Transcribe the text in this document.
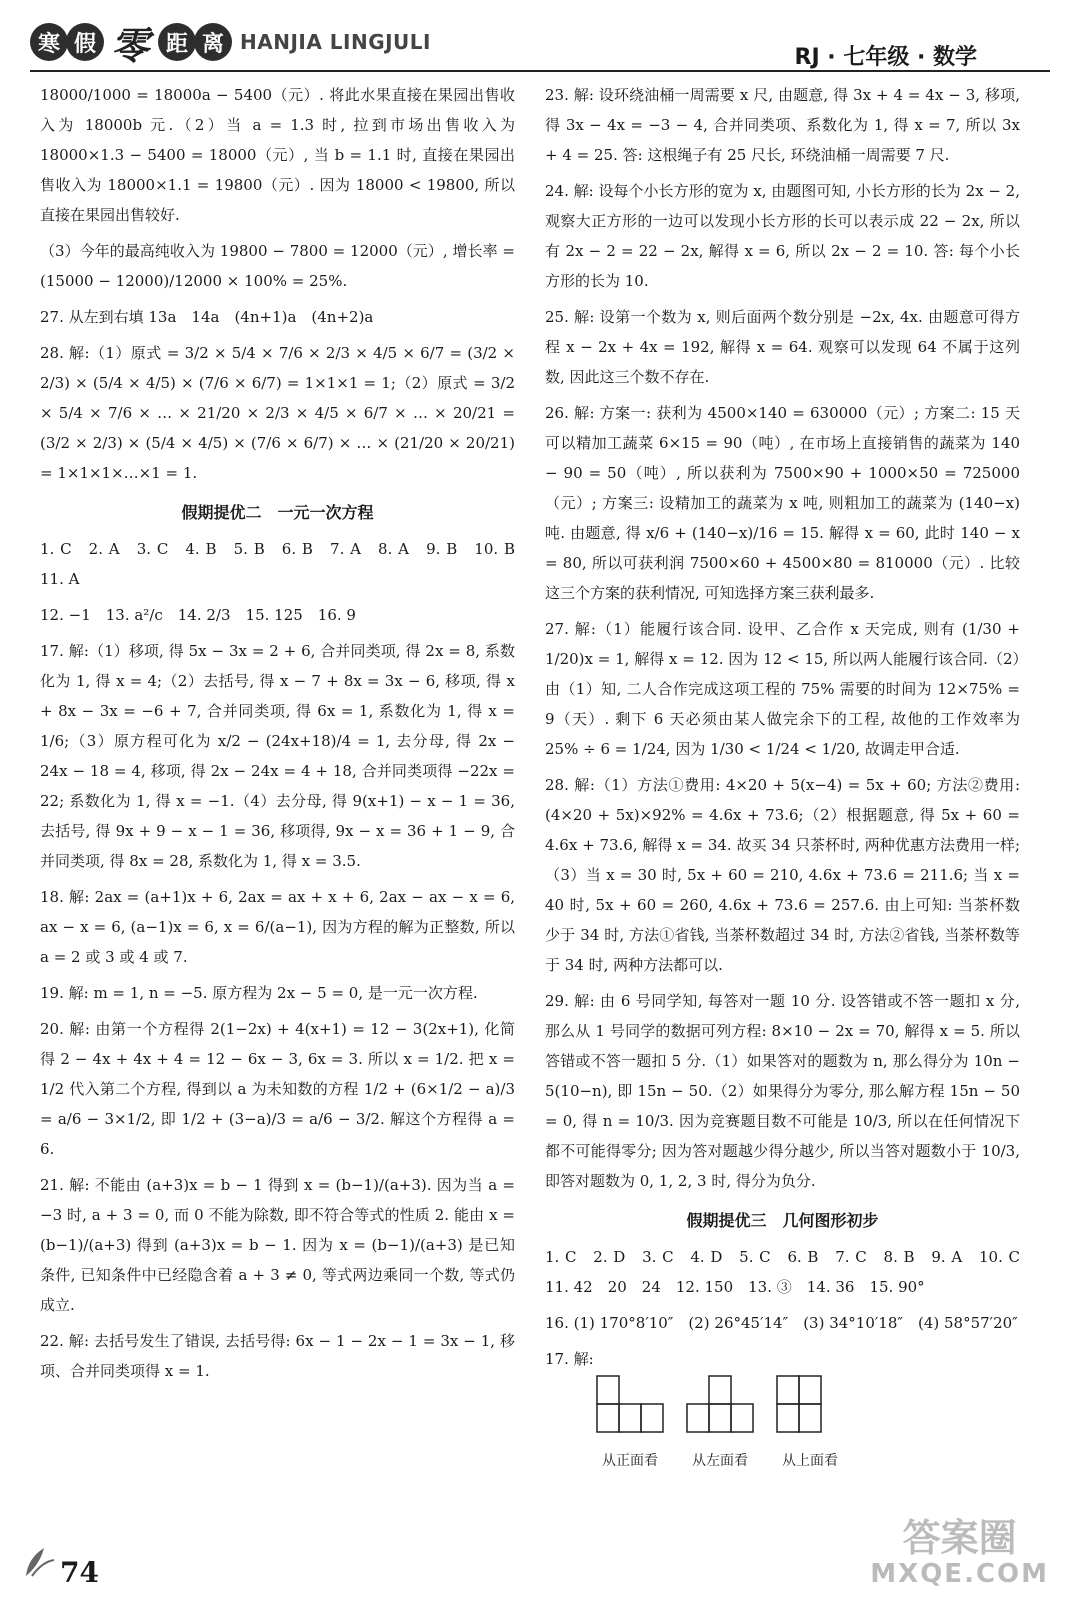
寒 假 零 距 离 HANJIA LINGJULI
RJ · 七年级 · 数学

18000/1000 = 18000a − 5400（元）. 将此水果直接在果园出售收入为 18000b 元.（2）当 a = 1.3 时, 拉到市场出售收入为 18000×1.3 − 5400 = 18000（元）, 当 b = 1.1 时, 直接在果园出售收入为 18000×1.1 = 19800（元）. 因为 18000 < 19800, 所以直接在果园出售较好.

（3）今年的最高纯收入为 19800 − 7800 = 12000（元）, 增长率 = (15000 − 12000)/12000 × 100% = 25%.

27. 从左到右填 13a　14a　(4n+1)a　(4n+2)a

28. 解:（1）原式 = 3/2 × 5/4 × 7/6 × 2/3 × 4/5 × 6/7 = (3/2 × 2/3) × (5/4 × 4/5) × (7/6 × 6/7) = 1×1×1 = 1;（2）原式 = 3/2 × 5/4 × 7/6 × … × 21/20 × 2/3 × 4/5 × 6/7 × … × 20/21 = (3/2 × 2/3) × (5/4 × 4/5) × (7/6 × 6/7) × … × (21/20 × 20/21) = 1×1×1×…×1 = 1.

假期提优二　一元一次方程

1. C　2. A　3. C　4. B　5. B　6. B　7. A　8. A　9. B　10. B　11. A

12. −1　13. a²/c　14. 2/3　15. 125　16. 9

17. 解:（1）移项, 得 5x − 3x = 2 + 6, 合并同类项, 得 2x = 8, 系数化为 1, 得 x = 4;（2）去括号, 得 x − 7 + 8x = 3x − 6, 移项, 得 x + 8x − 3x = −6 + 7, 合并同类项, 得 6x = 1, 系数化为 1, 得 x = 1/6;（3）原方程可化为 x/2 − (24x+18)/4 = 1, 去分母, 得 2x − 24x − 18 = 4, 移项, 得 2x − 24x = 4 + 18, 合并同类项得 −22x = 22; 系数化为 1, 得 x = −1.（4）去分母, 得 9(x+1) − x − 1 = 36, 去括号, 得 9x + 9 − x − 1 = 36, 移项得, 9x − x = 36 + 1 − 9, 合并同类项, 得 8x = 28, 系数化为 1, 得 x = 3.5.

18. 解: 2ax = (a+1)x + 6, 2ax = ax + x + 6, 2ax − ax − x = 6, ax − x = 6, (a−1)x = 6, x = 6/(a−1), 因为方程的解为正整数, 所以 a = 2 或 3 或 4 或 7.

19. 解: m = 1, n = −5. 原方程为 2x − 5 = 0, 是一元一次方程.

20. 解: 由第一个方程得 2(1−2x) + 4(x+1) = 12 − 3(2x+1), 化简得 2 − 4x + 4x + 4 = 12 − 6x − 3, 6x = 3. 所以 x = 1/2. 把 x = 1/2 代入第二个方程, 得到以 a 为未知数的方程 1/2 + (6×1/2 − a)/3 = a/6 − 3×1/2, 即 1/2 + (3−a)/3 = a/6 − 3/2. 解这个方程得 a = 6.

21. 解: 不能由 (a+3)x = b − 1 得到 x = (b−1)/(a+3). 因为当 a = −3 时, a + 3 = 0, 而 0 不能为除数, 即不符合等式的性质 2. 能由 x = (b−1)/(a+3) 得到 (a+3)x = b − 1. 因为 x = (b−1)/(a+3) 是已知条件, 已知条件中已经隐含着 a + 3 ≠ 0, 等式两边乘同一个数, 等式仍成立.

22. 解: 去括号发生了错误, 去括号得: 6x − 1 − 2x − 1 = 3x − 1, 移项、合并同类项得 x = 1.

23. 解: 设环绕油桶一周需要 x 尺, 由题意, 得 3x + 4 = 4x − 3, 移项, 得 3x − 4x = −3 − 4, 合并同类项、系数化为 1, 得 x = 7, 所以 3x + 4 = 25. 答: 这根绳子有 25 尺长, 环绕油桶一周需要 7 尺.

24. 解: 设每个小长方形的宽为 x, 由题图可知, 小长方形的长为 2x − 2, 观察大正方形的一边可以发现小长方形的长可以表示成 22 − 2x, 所以有 2x − 2 = 22 − 2x, 解得 x = 6, 所以 2x − 2 = 10. 答: 每个小长方形的长为 10.

25. 解: 设第一个数为 x, 则后面两个数分别是 −2x, 4x. 由题意可得方程 x − 2x + 4x = 192, 解得 x = 64. 观察可以发现 64 不属于这列数, 因此这三个数不存在.

26. 解: 方案一: 获利为 4500×140 = 630000（元）; 方案二: 15 天可以精加工蔬菜 6×15 = 90（吨）, 在市场上直接销售的蔬菜为 140 − 90 = 50（吨）, 所以获利为 7500×90 + 1000×50 = 725000（元）; 方案三: 设精加工的蔬菜为 x 吨, 则粗加工的蔬菜为 (140−x) 吨. 由题意, 得 x/6 + (140−x)/16 = 15. 解得 x = 60, 此时 140 − x = 80, 所以可获利润 7500×60 + 4500×80 = 810000（元）. 比较这三个方案的获利情况, 可知选择方案三获利最多.

27. 解:（1）能履行该合同. 设甲、乙合作 x 天完成, 则有 (1/30 + 1/20)x = 1, 解得 x = 12. 因为 12 < 15, 所以两人能履行该合同.（2）由（1）知, 二人合作完成这项工程的 75% 需要的时间为 12×75% = 9（天）. 剩下 6 天必须由某人做完余下的工程, 故他的工作效率为 25% ÷ 6 = 1/24, 因为 1/30 < 1/24 < 1/20, 故调走甲合适.

28. 解:（1）方法①费用: 4×20 + 5(x−4) = 5x + 60; 方法②费用: (4×20 + 5x)×92% = 4.6x + 73.6;（2）根据题意, 得 5x + 60 = 4.6x + 73.6, 解得 x = 34. 故买 34 只茶杯时, 两种优惠方法费用一样;（3）当 x = 30 时, 5x + 60 = 210, 4.6x + 73.6 = 211.6; 当 x = 40 时, 5x + 60 = 260, 4.6x + 73.6 = 257.6. 由上可知: 当茶杯数少于 34 时, 方法①省钱, 当茶杯数超过 34 时, 方法②省钱, 当茶杯数等于 34 时, 两种方法都可以.

29. 解: 由 6 号同学知, 每答对一题 10 分. 设答错或不答一题扣 x 分, 那么从 1 号同学的数据可列方程: 8×10 − 2x = 70, 解得 x = 5. 所以答错或不答一题扣 5 分.（1）如果答对的题数为 n, 那么得分为 10n − 5(10−n), 即 15n − 50.（2）如果得分为零分, 那么解方程 15n − 50 = 0, 得 n = 10/3. 因为竞赛题目数不可能是 10/3, 所以在任何情况下都不可能得零分; 因为答对题越少得分越少, 所以当答对题数小于 10/3, 即答对题数为 0, 1, 2, 3 时, 得分为负分.

假期提优三　几何图形初步

1. C　2. D　3. C　4. D　5. C　6. B　7. C　8. B　9. A　10. C　11. 42　20　24　12. 150　13. ③　14. 36　15. 90°

16. (1) 170°8′10″　(2) 26°45′14″　(3) 34°10′18″　(4) 58°57′20″

17. 解:

从正面看	从左面看	从上面看
74
答案圈
MXQE.COM
